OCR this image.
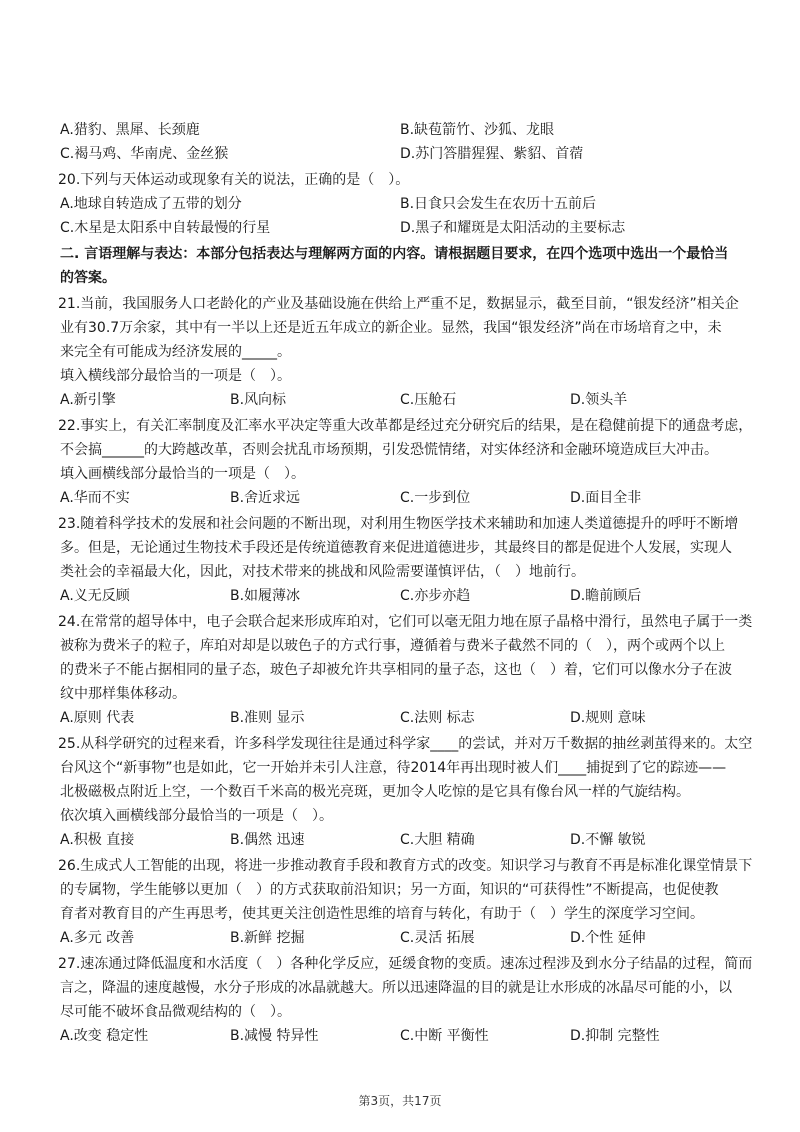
A.猎豹、黑犀、长颈鹿	B.缺苞箭竹、沙狐、龙眼
C.褐马鸡、华南虎、金丝猴	D.苏门答腊猩猩、紫貂、首蓿
20.下列与天体运动或现象有关的说法，正确的是（　）。
A.地球自转造成了五带的划分	B.日食只会发生在农历十五前后
C.木星是太阳系中自转最慢的行星	D.黑子和耀斑是太阳活动的主要标志
二. 言语理解与表达：本部分包括表达与理解两方面的内容。请根据题目要求，在四个选项中选出一个最恰当
的答案。
21.当前，我国服务人口老龄化的产业及基础设施在供给上严重不足，数据显示，截至目前，“银发经济”相关企
业有30.7万余家，其中有一半以上还是近五年成立的新企业。显然，我国“银发经济”尚在市场培育之中，未
来完全有可能成为经济发展的_____。
填入横线部分最恰当的一项是（　）。
A.新引擎	B.风向标	C.压舱石	D.领头羊
22.事实上，有关汇率制度及汇率水平决定等重大改革都是经过充分研究后的结果，是在稳健前提下的通盘考虑，
不会搞______的大跨越改革，否则会扰乱市场预期，引发恐慌情绪，对实体经济和金融环境造成巨大冲击。
填入画横线部分最恰当的一项是（　）。
A.华而不实	B.舍近求远	C.一步到位	D.面目全非
23.随着科学技术的发展和社会问题的不断出现，对利用生物医学技术来辅助和加速人类道德提升的呼吁不断增
多。但是，无论通过生物技术手段还是传统道德教育来促进道德进步，其最终目的都是促进个人发展，实现人
类社会的幸福最大化，因此，对技术带来的挑战和风险需要谨慎评估，（　）地前行。
A.义无反顾	B.如履薄冰	C.亦步亦趋	D.瞻前顾后
24.在常常的超导体中，电子会联合起来形成库珀对，它们可以毫无阻力地在原子晶格中滑行，虽然电子属于一类
被称为费米子的粒子，库珀对却是以玻色子的方式行事，遵循着与费米子截然不同的（　），两个或两个以上
的费米子不能占据相同的量子态，玻色子却被允许共享相同的量子态，这也（　）着，它们可以像水分子在波
纹中那样集体移动。
A.原则 代表	B.准则 显示	C.法则 标志	D.规则 意味
25.从科学研究的过程来看，许多科学发现往往是通过科学家____的尝试，并对万千数据的抽丝剥茧得来的。太空
台风这个“新事物”也是如此，它一开始并未引人注意，待2014年再出现时被人们____捕捉到了它的踪迹——
北极磁极点附近上空，一个数百千米高的极光亮斑，更加令人吃惊的是它具有像台风一样的气旋结构。
依次填入画横线部分最恰当的一项是（　）。
A.积极 直接	B.偶然 迅速	C.大胆 精确	D.不懈 敏锐
26.生成式人工智能的出现，将进一步推动教育手段和教育方式的改变。知识学习与教育不再是标准化课堂情景下
的专属物，学生能够以更加（　）的方式获取前沿知识；另一方面，知识的“可获得性”不断提高，也促使教
育者对教育目的产生再思考，使其更关注创造性思维的培育与转化，有助于（　）学生的深度学习空间。
A.多元 改善	B.新鲜 挖掘	C.灵活 拓展	D.个性 延伸
27.速冻通过降低温度和水活度（　）各种化学反应，延缓食物的变质。速冻过程涉及到水分子结晶的过程，简而
言之，降温的速度越慢，水分子形成的冰晶就越大。所以迅速降温的目的就是让水形成的冰晶尽可能的小，以
尽可能不破坏食品微观结构的（　）。
A.改变 稳定性	B.减慢 特异性	C.中断 平衡性	D.抑制 完整性
第3页，共17页
